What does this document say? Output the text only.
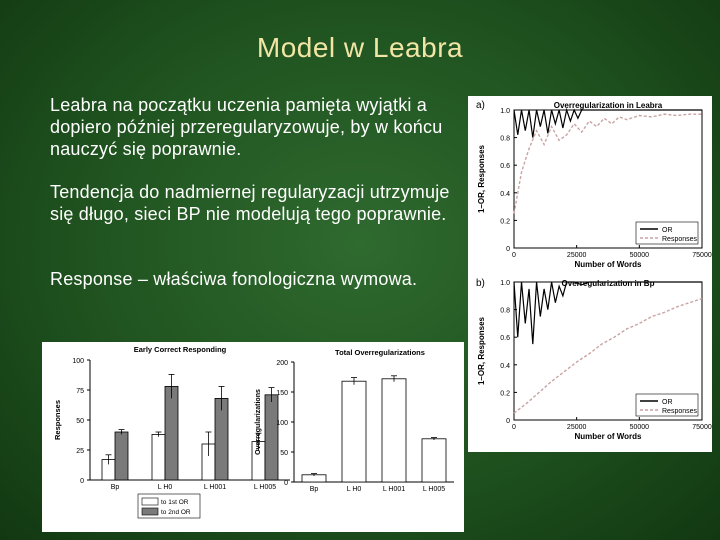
Model w Leabra
Leabra na początku uczenia pamięta wyjątki a dopiero później przeregularyzowuje, by w końcu nauczyć się poprawnie.
Tendencja do nadmiernej regularyzacji utrzymuje się długo, sieci BP nie modelują tego poprawnie.
Response – właściwa fonologiczna wymowa.
a)	Overregularization in Leabra
0
0.2
0.4
0.6
0.8
1.0
0	25000	50000	75000
Number of Words
1–OR, Responses
OR
Responses
b)	Overregularization in Bp
0
0.2
0.4
0.6
0.8
1.0
0	25000	50000	75000
Number of Words
1–OR, Responses
OR
Responses
Early Correct Responding
0
25
50
75
100
Responses
Bp	L H0	L H001	L H005
to 1st OR
to 2nd OR
Total Overregularizations
0
50
100
150
200
Overregularizations
Bp	L H0	L H001	L H005
